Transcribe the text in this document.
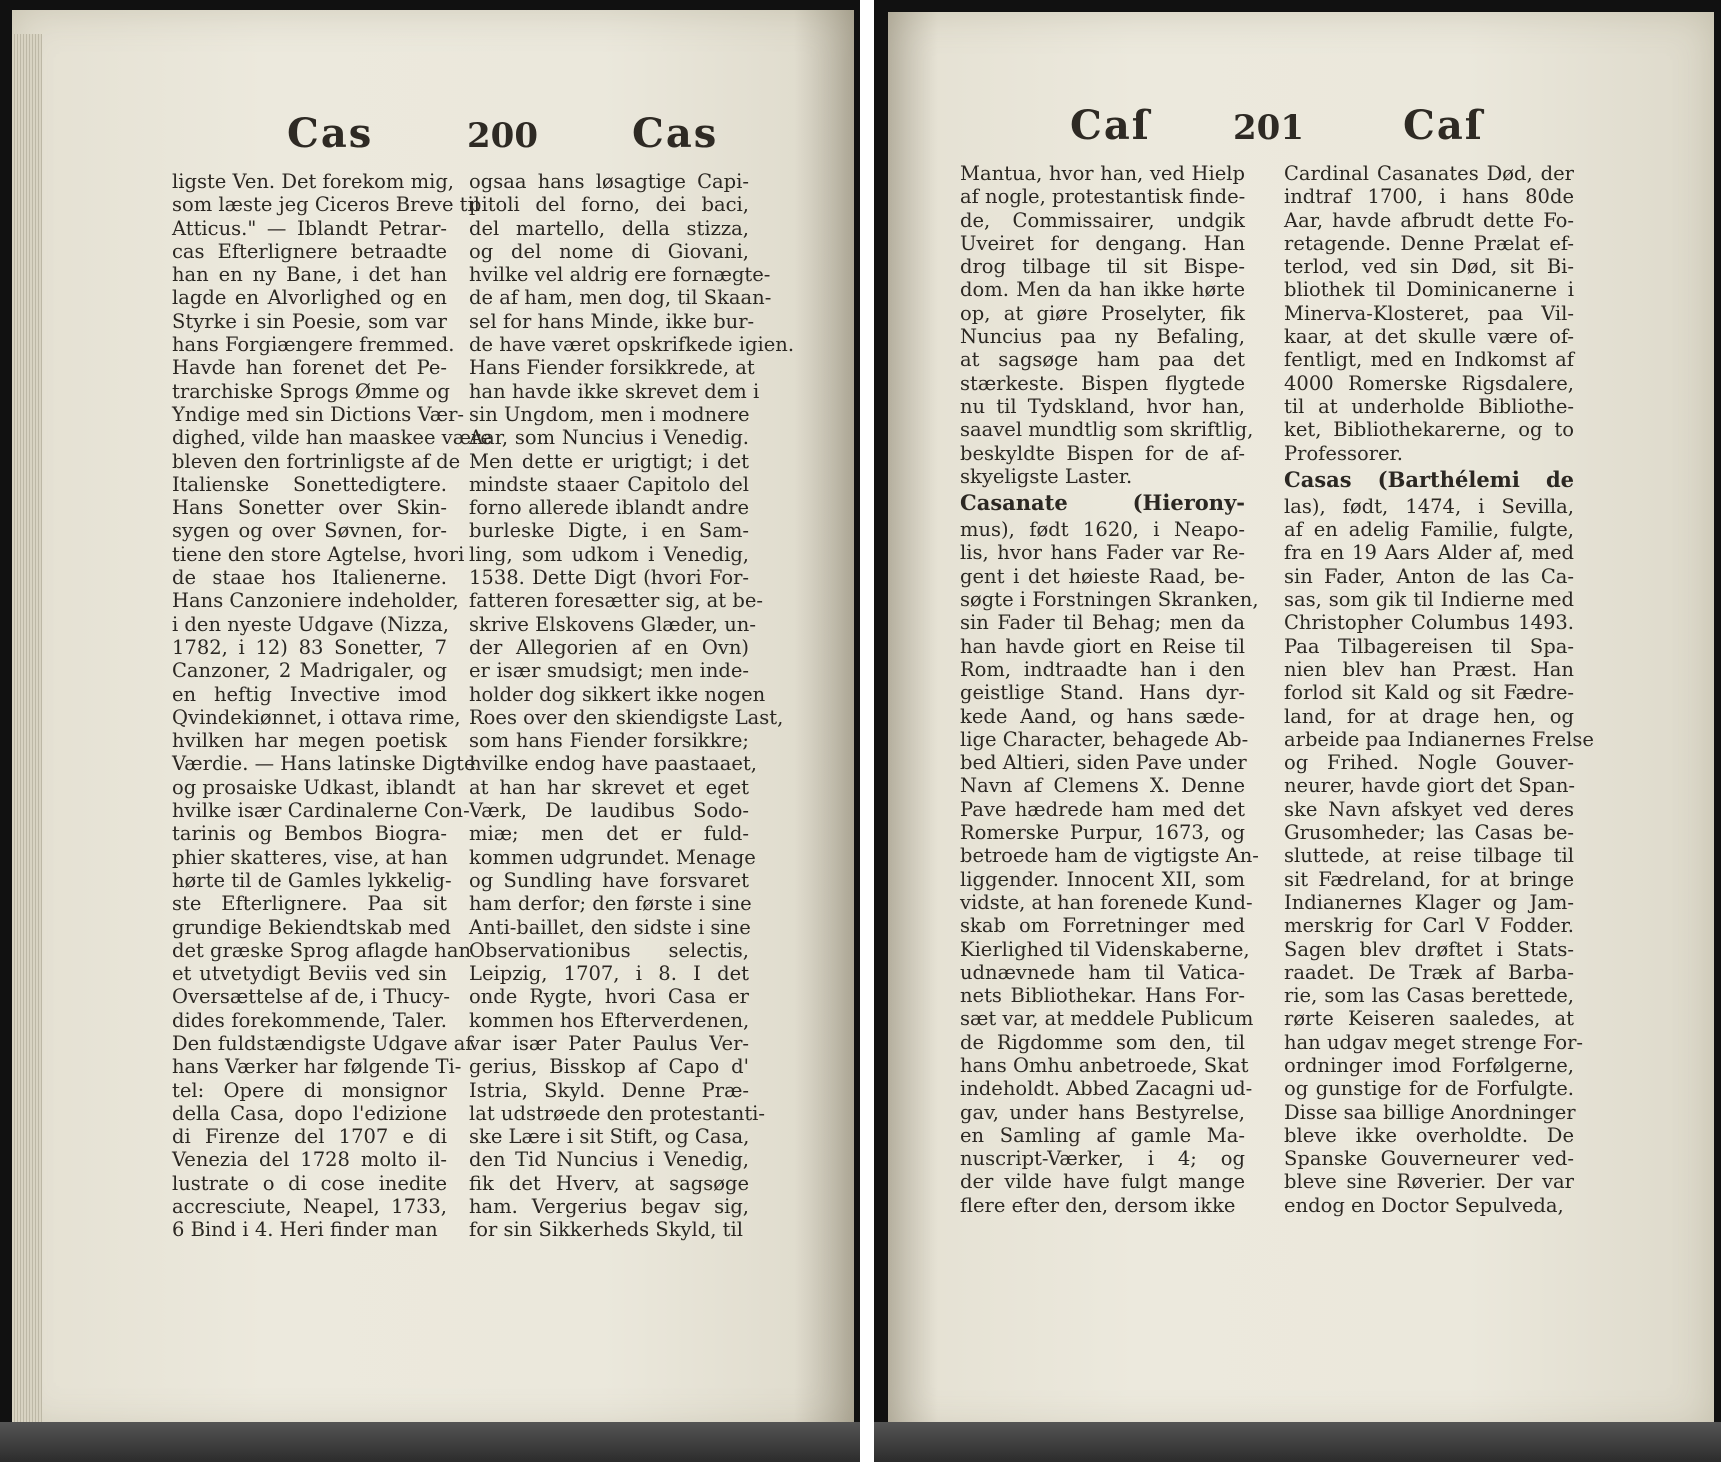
Cas	200 Cas
ligste Ven. Det forekom mig,
som læste jeg Ciceros Breve til
Atticus." — Iblandt Petrar-
cas Efterlignere betraadte
han en ny Bane, i det han
lagde en Alvorlighed og en
Styrke i sin Poesie, som var
hans Forgiængere fremmed.
Havde han forenet det Pe-
trarchiske Sprogs Ømme og
Yndige med sin Dictions Vær-
dighed, vilde han maaskee være
bleven den fortrinligste af de
Italienske Sonettedigtere.
Hans Sonetter over Skin-
sygen og over Søvnen, for-
tiene den store Agtelse, hvori
de staae hos Italienerne.
Hans Canzoniere indeholder,
i den nyeste Udgave (Nizza,
1782, i 12) 83 Sonetter, 7
Canzoner, 2 Madrigaler, og
en heftig Invective imod
Qvindekiønnet, i ottava rime,
hvilken har megen poetisk
Værdie. — Hans latinske Digte
og prosaiske Udkast, iblandt
hvilke især Cardinalerne Con-
tarinis og Bembos Biogra-
phier skatteres, vise, at han
hørte til de Gamles lykkelig-
ste Efterlignere. Paa sit
grundige Bekiendtskab med
det græske Sprog aflagde han
et utvetydigt Beviis ved sin
Oversættelse af de, i Thucy-
dides forekommende, Taler.
Den fuldstændigste Udgave af
hans Værker har følgende Ti-
tel: Opere di monsignor
della Casa, dopo l'edizione
di Firenze del 1707 e di
Venezia del 1728 molto il-
lustrate o di cose inedite
accresciute, Neapel, 1733,
6 Bind i 4. Heri finder man
ogsaa hans løsagtige Capi-
pitoli del forno, dei baci,
del martello, della stizza,
og del nome di Giovani,
hvilke vel aldrig ere fornægte-
de af ham, men dog, til Skaan-
sel for hans Minde, ikke bur-
de have været opskrifkede igien.
Hans Fiender forsikkrede, at
han havde ikke skrevet dem i
sin Ungdom, men i modnere
Aar, som Nuncius i Venedig.
Men dette er urigtigt; i det
mindste staaer Capitolo del
forno allerede iblandt andre
burleske Digte, i en Sam-
ling, som udkom i Venedig,
1538. Dette Digt (hvori For-
fatteren foresætter sig, at be-
skrive Elskovens Glæder, un-
der Allegorien af en Ovn)
er især smudsigt; men inde-
holder dog sikkert ikke nogen
Roes over den skiendigste Last,
som hans Fiender forsikkre;
hvilke endog have paastaaet,
at han har skrevet et eget
Værk, De laudibus Sodo-
miæ; men det er fuld-
kommen udgrundet. Menage
og Sundling have forsvaret
ham derfor; den første i sine
Anti-baillet, den sidste i sine
Observationibus selectis,
Leipzig, 1707, i 8. I det
onde Rygte, hvori Casa er
kommen hos Efterverdenen,
var især Pater Paulus Ver-
gerius, Bisskop af Capo d'
Istria, Skyld. Denne Præ-
lat udstrøede den protestanti-
ske Lære i sit Stift, og Casa,
den Tid Nuncius i Venedig,
fik det Hverv, at sagsøge
ham. Vergerius begav sig,
for sin Sikkerheds Skyld, til
Caſ 201 Caſ
Mantua, hvor han, ved Hielp
af nogle, protestantisk finde-
de, Commissairer, undgik
Uveiret for dengang. Han
drog tilbage til sit Bispe-
dom. Men da han ikke hørte
op, at giøre Proselyter, fik
Nuncius paa ny Befaling,
at sagsøge ham paa det
stærkeste. Bispen flygtede
nu til Tydskland, hvor han,
saavel mundtlig som skriftlig,
beskyldte Bispen for de af-
skyeligste Laster.
Casanate (Hierony-
mus), født 1620, i Neapo-
lis, hvor hans Fader var Re-
gent i det høieste Raad, be-
søgte i Forstningen Skranken,
sin Fader til Behag; men da
han havde giort en Reise til
Rom, indtraadte han i den
geistlige Stand. Hans dyr-
kede Aand, og hans sæde-
lige Character, behagede Ab-
bed Altieri, siden Pave under
Navn af Clemens X. Denne
Pave hædrede ham med det
Romerske Purpur, 1673, og
betroede ham de vigtigste An-
liggender. Innocent XII, som
vidste, at han forenede Kund-
skab om Forretninger med
Kierlighed til Videnskaberne,
udnævnede ham til Vatica-
nets Bibliothekar. Hans For-
sæt var, at meddele Publicum
de Rigdomme som den, til
hans Omhu anbetroede, Skat
indeholdt. Abbed Zacagni ud-
gav, under hans Bestyrelse,
en Samling af gamle Ma-
nuscript-Værker, i 4; og
der vilde have fulgt mange
flere efter den, dersom ikke
Cardinal Casanates Død, der
indtraf 1700, i hans 80de
Aar, havde afbrudt dette Fo-
retagende. Denne Prælat ef-
terlod, ved sin Død, sit Bi-
bliothek til Dominicanerne i
Minerva-Klosteret, paa Vil-
kaar, at det skulle være of-
fentligt, med en Indkomst af
4000 Romerske Rigsdalere,
til at underholde Bibliothe-
ket, Bibliothekarerne, og to
Professorer.
Casas (Barthélemi de
las), født, 1474, i Sevilla,
af en adelig Familie, fulgte,
fra en 19 Aars Alder af, med
sin Fader, Anton de las Ca-
sas, som gik til Indierne med
Christopher Columbus 1493.
Paa Tilbagereisen til Spa-
nien blev han Præst. Han
forlod sit Kald og sit Fædre-
land, for at drage hen, og
arbeide paa Indianernes Frelse
og Frihed. Nogle Gouver-
neurer, havde giort det Span-
ske Navn afskyet ved deres
Grusomheder; las Casas be-
sluttede, at reise tilbage til
sit Fædreland, for at bringe
Indianernes Klager og Jam-
merskrig for Carl V Fodder.
Sagen blev drøftet i Stats-
raadet. De Træk af Barba-
rie, som las Casas berettede,
rørte Keiseren saaledes, at
han udgav meget strenge For-
ordninger imod Forfølgerne,
og gunstige for de Forfulgte.
Disse saa billige Anordninger
bleve ikke overholdte. De
Spanske Gouverneurer ved-
bleve sine Røverier. Der var
endog en Doctor Sepulveda,
